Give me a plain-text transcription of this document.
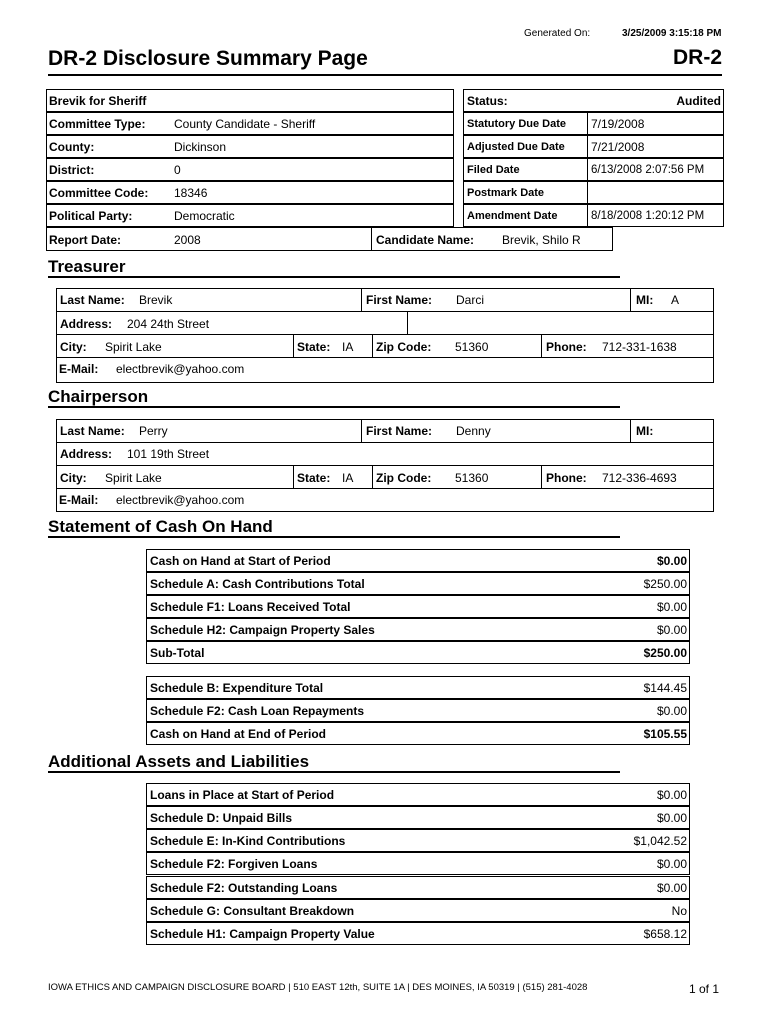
Generated On:	3/25/2009 3:15:18 PM
DR-2 Disclosure Summary Page	DR-2
Brevik for Sheriff
Committee Type: County Candidate - Sheriff
County:	Dickinson
District:	0
Committee Code: 18346
Political Party:	Democratic
Report Date:	2008	Candidate Name: Brevik, Shilo R
Status:	Audited
Statutory Due Date 7/19/2008
Adjusted Due Date 7/21/2008
Filed Date	6/13/2008 2:07:56 PM
Postmark Date
Amendment Date	8/18/2008 1:20:12 PM
Treasurer
Last Name: Brevik	First Name: Darci	MI: A
Address: 204 24th Street
City: Spirit Lake	State: IA Zip Code: 51360	Phone: 712-331-1638
E-Mail: electbrevik@yahoo.com
Chairperson
Last Name: Perry	First Name: Denny	MI:
Address: 101 19th Street
City: Spirit Lake	State: IA Zip Code: 51360	Phone: 712-336-4693
E-Mail: electbrevik@yahoo.com
Statement of Cash On Hand
Cash on Hand at Start of Period	$0.00
Schedule A: Cash Contributions Total	$250.00
Schedule F1: Loans Received Total	$0.00
Schedule H2: Campaign Property Sales	$0.00
Sub-Total	$250.00
Schedule B: Expenditure Total	$144.45
Schedule F2: Cash Loan Repayments	$0.00
Cash on Hand at End of Period	$105.55
Additional Assets and Liabilities
Loans in Place at Start of Period	$0.00
Schedule D: Unpaid Bills	$0.00
Schedule E: In-Kind Contributions	$1,042.52
Schedule F2: Forgiven Loans	$0.00
Schedule F2: Outstanding Loans	$0.00
Schedule G: Consultant Breakdown	No
Schedule H1: Campaign Property Value	$658.12
IOWA ETHICS AND CAMPAIGN DISCLOSURE BOARD | 510 EAST 12th, SUITE 1A | DES MOINES, IA 50319 | (515) 281-4028	1 of 1
